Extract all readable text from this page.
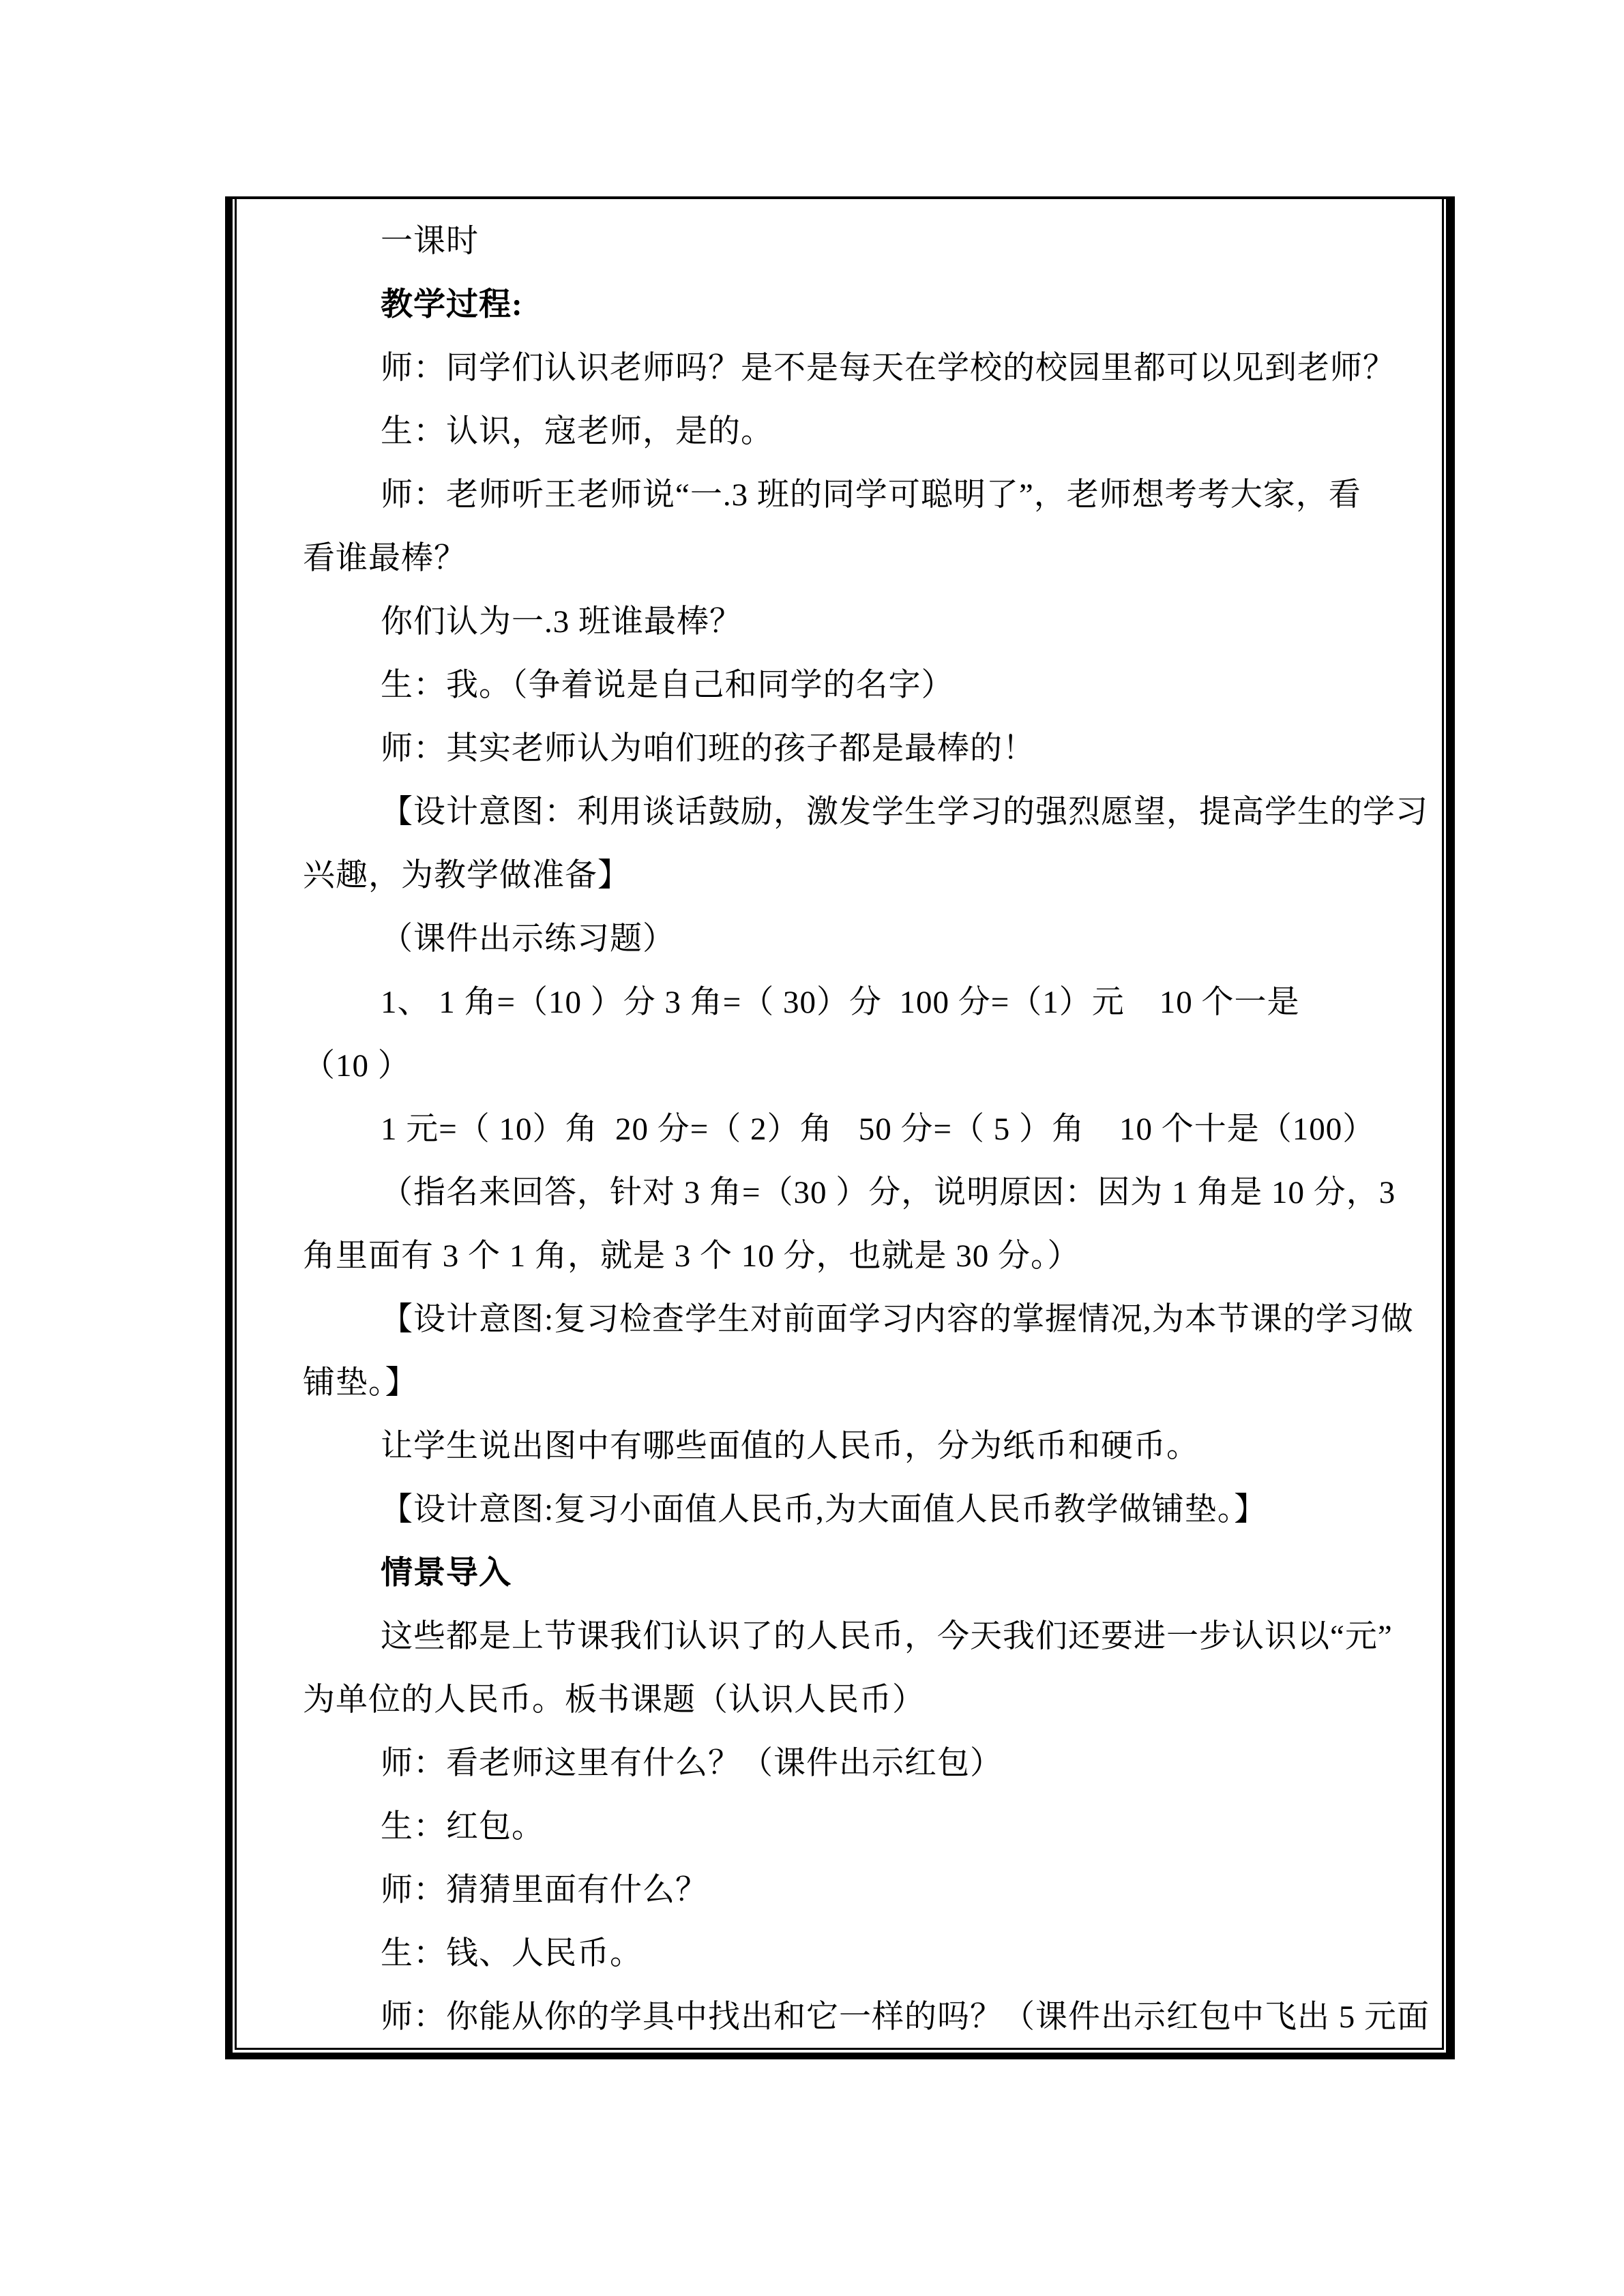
一课时
教学过程:
师：同学们认识老师吗？是不是每天在学校的校园里都可以见到老师？
生：认识，寇老师，是的。
师：老师听王老师说“一.3 班的同学可聪明了”，老师想考考大家，看
看谁最棒？
你们认为一.3 班谁最棒？
生：我。（争着说是自己和同学的名字）
师：其实老师认为咱们班的孩子都是最棒的！
【设计意图：利用谈话鼓励，激发学生学习的强烈愿望，提高学生的学习
兴趣，为教学做准备】
（课件出示练习题）
1、 1 角=（10 ）分 3 角=（ 30）分  100 分=（1）元    10 个一是
（10 ）
1 元=（ 10）角  20 分=（ 2）角   50 分=（ 5 ）角    10 个十是（100）
（指名来回答，针对 3 角=（30 ）分，说明原因：因为 1 角是 10 分，3
角里面有 3 个 1 角，就是 3 个 10 分，也就是 30 分。）
【设计意图:复习检查学生对前面学习内容的掌握情况,为本节课的学习做
铺垫。】
让学生说出图中有哪些面值的人民币，分为纸币和硬币。
【设计意图:复习小面值人民币,为大面值人民币教学做铺垫。】
情景导入
这些都是上节课我们认识了的人民币，今天我们还要进一步认识以“元”
为单位的人民币。板书课题（认识人民币）
师：看老师这里有什么？（课件出示红包）
生：红包。
师：猜猜里面有什么？
生：钱、人民币。
师：你能从你的学具中找出和它一样的吗？（课件出示红包中飞出 5 元面
